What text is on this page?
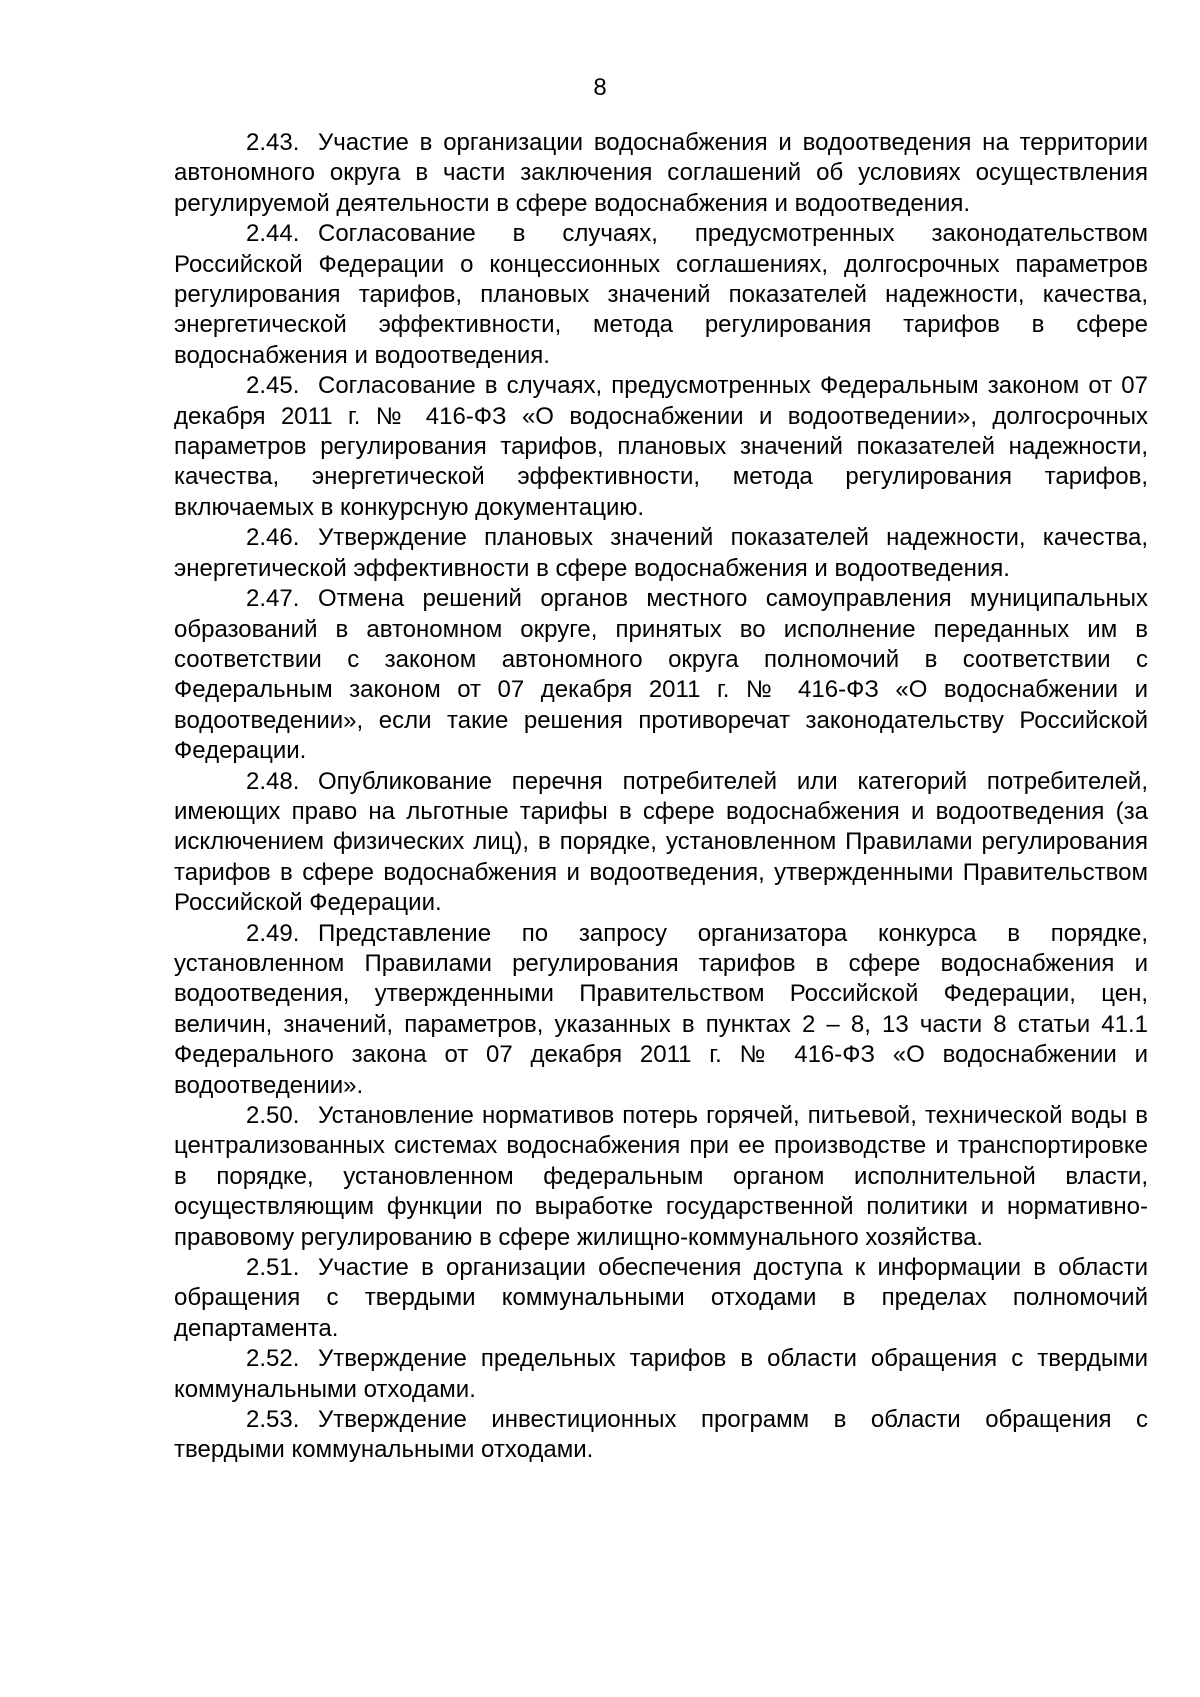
8

2.43. Участие в организации водоснабжения и водоотведения на территории автономного округа в части заключения соглашений об условиях осуществления регулируемой деятельности в сфере водоснабжения и водоотведения.

2.44. Согласование в случаях, предусмотренных законодательством Российской Федерации о концессионных соглашениях, долгосрочных параметров регулирования тарифов, плановых значений показателей надежности, качества, энергетической эффективности, метода регулирования тарифов в сфере водоснабжения и водоотведения.

2.45. Согласование в случаях, предусмотренных Федеральным законом от 07 декабря 2011 г. № 416-ФЗ «О водоснабжении и водоотведении», долгосрочных параметров регулирования тарифов, плановых значений показателей надежности, качества, энергетической эффективности, метода регулирования тарифов, включаемых в конкурсную документацию.

2.46. Утверждение плановых значений показателей надежности, качества, энергетической эффективности в сфере водоснабжения и водоотведения.

2.47. Отмена решений органов местного самоуправления муниципальных образований в автономном округе, принятых во исполнение переданных им в соответствии с законом автономного округа полномочий в соответствии с Федеральным законом от 07 декабря 2011 г. № 416-ФЗ «О водоснабжении и водоотведении», если такие решения противоречат законодательству Российской Федерации.

2.48. Опубликование перечня потребителей или категорий потребителей, имеющих право на льготные тарифы в сфере водоснабжения и водоотведения (за исключением физических лиц), в порядке, установленном Правилами регулирования тарифов в сфере водоснабжения и водоотведения, утвержденными Правительством Российской Федерации.

2.49. Представление по запросу организатора конкурса в порядке, установленном Правилами регулирования тарифов в сфере водоснабжения и водоотведения, утвержденными Правительством Российской Федерации, цен, величин, значений, параметров, указанных в пунктах 2 – 8, 13 части 8 статьи 41.1 Федерального закона от 07 декабря 2011 г. № 416-ФЗ «О водоснабжении и водоотведении».

2.50. Установление нормативов потерь горячей, питьевой, технической воды в централизованных системах водоснабжения при ее производстве и транспортировке в порядке, установленном федеральным органом исполнительной власти, осуществляющим функции по выработке государственной политики и нормативно-правовому регулированию в сфере жилищно-коммунального хозяйства.

2.51. Участие в организации обеспечения доступа к информации в области обращения с твердыми коммунальными отходами в пределах полномочий департамента.

2.52. Утверждение предельных тарифов в области обращения с твердыми коммунальными отходами.

2.53. Утверждение инвестиционных программ в области обращения с твердыми коммунальными отходами.
